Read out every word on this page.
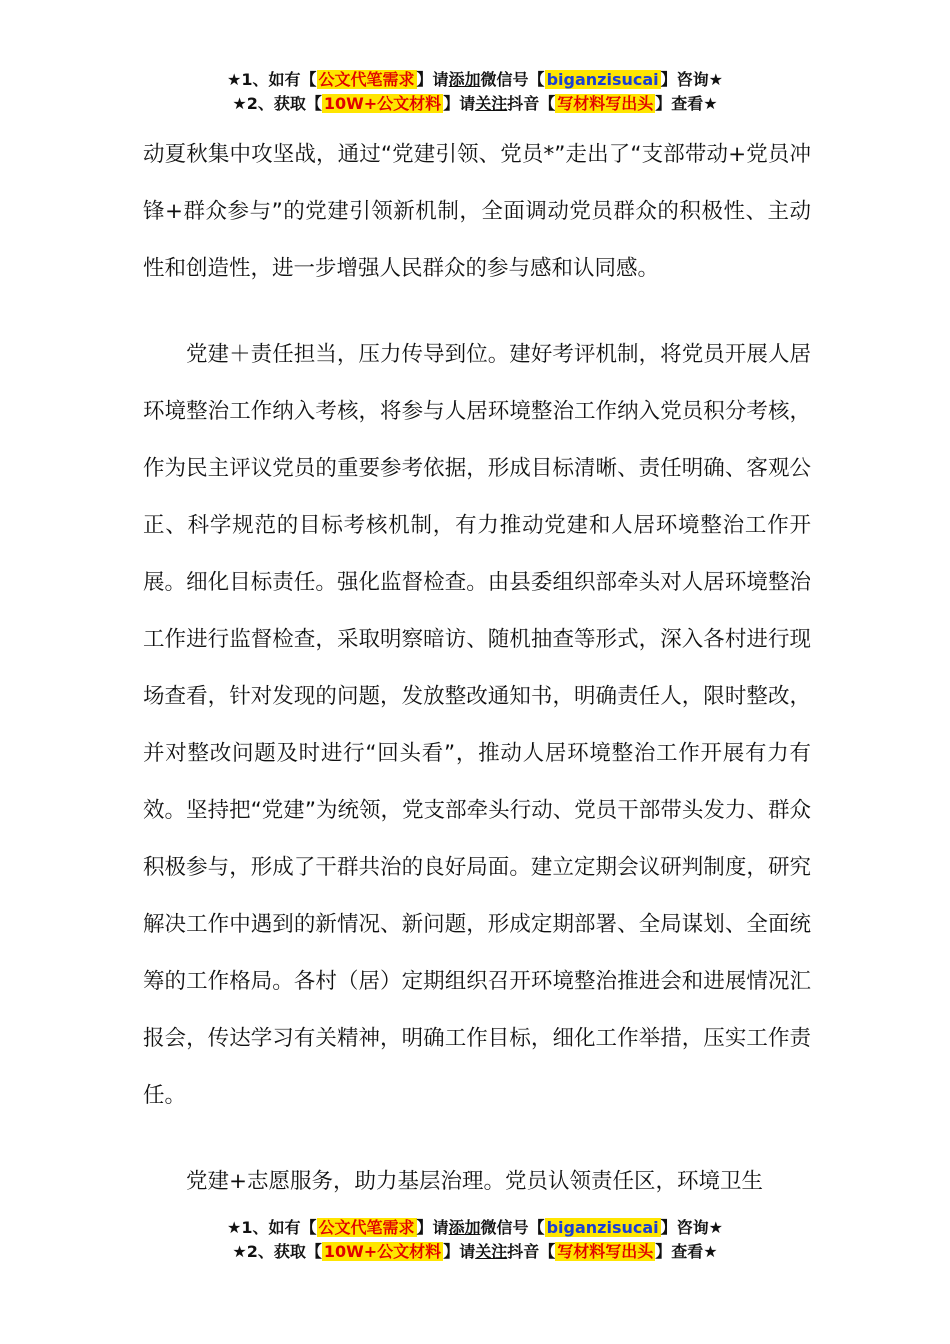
★1、如有【 公文代笔需求 】请添加微信号【 biganzisucai 】咨询★
★2、获取【 10W+公文材料 】请关注抖音【 写材料写出头 】查看★

动夏秋集中攻坚战，通过“党建引领、党员*”走出了“支部带动+党员冲锋+群众参与”的党建引领新机制，全面调动党员群众的积极性、主动性和创造性，进一步增强人民群众的参与感和认同感。

党建＋责任担当，压力传导到位。建好考评机制，将党员开展人居环境整治工作纳入考核，将参与人居环境整治工作纳入党员积分考核，作为民主评议党员的重要参考依据，形成目标清晰、责任明确、客观公正、科学规范的目标考核机制，有力推动党建和人居环境整治工作开展。细化目标责任。强化监督检查。由县委组织部牵头对人居环境整治工作进行监督检查，采取明察暗访、随机抽查等形式，深入各村进行现场查看，针对发现的问题，发放整改通知书，明确责任人，限时整改，并对整改问题及时进行“回头看”，推动人居环境整治工作开展有力有效。坚持把“党建”为统领，党支部牵头行动、党员干部带头发力、群众积极参与，形成了干群共治的良好局面。建立定期会议研判制度，研究解决工作中遇到的新情况、新问题，形成定期部署、全局谋划、全面统筹的工作格局。各村（居）定期组织召开环境整治推进会和进展情况汇报会，传达学习有关精神，明确工作目标，细化工作举措，压实工作责任。

党建+志愿服务，助力基层治理。党员认领责任区，环境卫生

★1、如有【 公文代笔需求 】请添加微信号【 biganzisucai 】咨询★
★2、获取【 10W+公文材料 】请关注抖音【 写材料写出头 】查看★
